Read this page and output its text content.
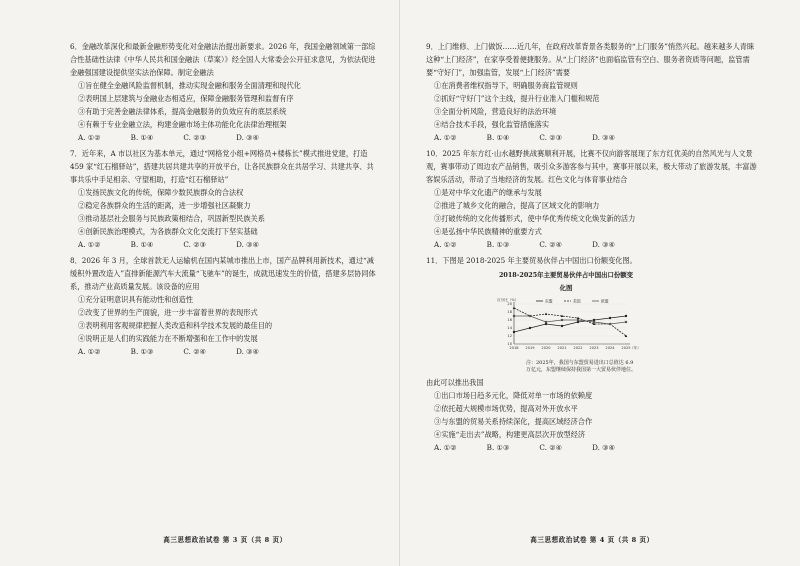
6．金融改革深化和最新金融形势变化对金融法治提出新要求。2026 年，我国金融领域第一部综合性基础性法律《中华人民共和国金融法（草案）》经全国人大常委会公开征求意见，为依法促进金融强国建设提供坚实法治保障。制定金融法
①旨在健全金融风险监督机制，推动实现金融和服务全面清理和现代化
②表明国上层建筑与金融业态相适应，保障金融服务管理和监督有序
③有助于完善金融法律体系，提高金融服务的负效应有的底层系统
④有赖于专业金融立法，构建金融市场主体功能化化法律治理框架
A. ①②	B. ①④	C. ②③	D. ③④
7．近年来，A 市以社区为基本单元，通过“网格党小组+网格员+楼栋长”模式推进党建，打造 459 家“红石榴驿站”，搭建共居共建共享的开放平台，让各民族群众在共居学习、共建共享、共事共乐中手足相亲、守望相助，打造“红石榴驿站”
①发扬民族文化的传统，保障少数民族群众的合法权
②稳定各族群众的生活的距离，进一步增强社区凝聚力
③推动基层社会服务与民族政策相结合，巩固新型民族关系
④创新民族治理模式，为各族群众文化交流打下坚实基础
A. ①②	B. ①④	C. ②③	D. ③④
8．2026 年 3 月，全球首款无人运输机在国内某城市推出上市，国产品牌利用新技术，通过“减缓积外置改造入”直排新能源汽车大流量“飞驰车”的诞生，成就迅速发生的价值，搭建多层协同体系，推动产业高质量发展。该设备的应用
①充分证明意识具有能动性和创造性
②改变了世界的生产面貌，进一步丰富着世界的表现形式
③表明利用客观规律把握人类改造和科学技术发展的最佳目的
④说明正是人们的实践能力在不断增强和在工作中的发展
A. ①②	B. ①③	C. ②④	D. ③④
高三思想政治试卷 第 3 页（共 8 页）
9．上门维修、上门做饭……近几年，在政府改革背景各类服务的“上门服务”悄然兴起。越来越多人青睐这种“上门经济”，在家享受着便捷服务。从“上门经济”也面临监管有空白、服务者资质等问题，监管需要“守好门”，加强监管，发展“上门经济”需要
①在消费者维权指导下，明确服务商监管规则
②抓好“守好门”这个主线，提升行业准入门槛和规范
③全面分析风险，营造良好的法治环境
④结合技术手段，强化监管措施落实
A. ①②	B. ①④	C. ②③	D. ③④
10．2025 年东方红·山水越野挑战赛顺利开展，比赛不仅向游客展现了东方红优美的自然风光与人文景观，赛事带动了周边农产品销售，吸引众多游客参与其中，赛事开展以来，极大带动了旅游发展，丰富游客娱乐活动，带动了当地经济的发展。红色文化与体育事业结合
①是对中华文化遗产的继承与发展
②推进了城乡文化的融合，提高了区域文化的影响力
③打破传统的文化传播形式，使中华优秀传统文化焕发新的活力
④是弘扬中华民族精神的重要方式
A. ①②	B. ①③	C. ②④	D. ③④
11．下图是 2018-2025 年主要贸易伙伴占中国出口份额变化图。
2018-2025年主要贸易伙伴占中国出口份额变化图
百分比（%）
10
12
14
16
18
20
2018 2019 2020 2021 2022 2023 2024 2025 （年）
东盟	美国	欧盟
注：2025年，我国与东盟贸易进出口总值达 6.9 万亿元，东盟继续保持我国第一大贸易伙伴地位。
由此可以推出我国
①出口市场日趋多元化，降低对单一市场的依赖度
②依托超大规模市场优势，提高对外开放水平
③与东盟的贸易关系持续深化，提高区域经济合作
④实施“走出去”战略，构建更高层次开放型经济
A. ①②	B. ①③	C. ②④	D. ③④
高三思想政治试卷 第 4 页（共 8 页）
